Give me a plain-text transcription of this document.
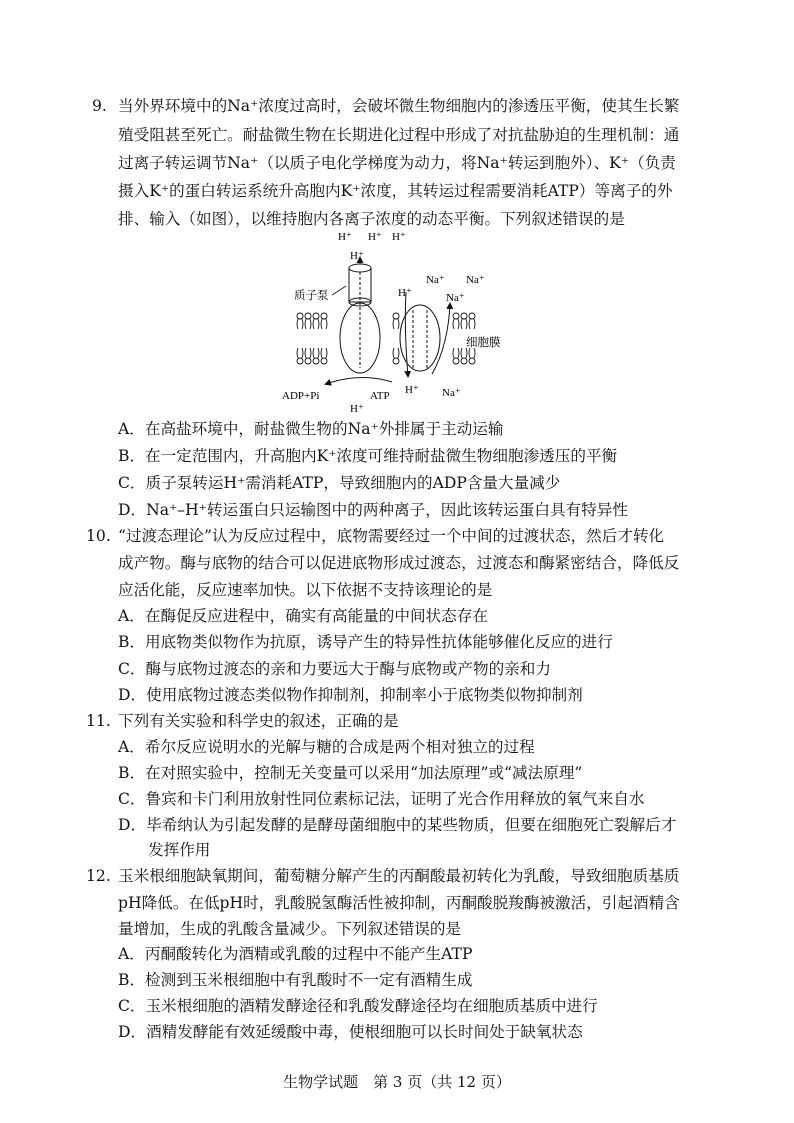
9. 当外界环境中的Na⁺浓度过高时，会破坏微生物细胞内的渗透压平衡，使其生长繁
殖受阻甚至死亡。耐盐微生物在长期进化过程中形成了对抗盐胁迫的生理机制：通
过离子转运调节Na⁺（以质子电化学梯度为动力，将Na⁺转运到胞外）、K⁺（负责
摄入K⁺的蛋白转运系统升高胞内K⁺浓度，其转运过程需要消耗ATP）等离子的外
排、输入（如图），以维持胞内各离子浓度的动态平衡。下列叙述错误的是
H⁺ H⁺ H⁺
H⁺
质子泵
Na⁺ Na⁺
Na⁺
H⁺
细胞膜
ADP+Pi	ATP
H⁺
H⁺ Na⁺
A．在高盐环境中，耐盐微生物的Na⁺外排属于主动运输
B．在一定范围内，升高胞内K⁺浓度可维持耐盐微生物细胞渗透压的平衡
C．质子泵转运H⁺需消耗ATP，导致细胞内的ADP含量大量减少
D．Na⁺–H⁺转运蛋白只运输图中的两种离子，因此该转运蛋白具有特异性
10. “过渡态理论”认为反应过程中，底物需要经过一个中间的过渡状态，然后才转化
成产物。酶与底物的结合可以促进底物形成过渡态，过渡态和酶紧密结合，降低反
应活化能，反应速率加快。以下依据不支持该理论的是
A．在酶促反应进程中，确实有高能量的中间状态存在
B．用底物类似物作为抗原，诱导产生的特异性抗体能够催化反应的进行
C．酶与底物过渡态的亲和力要远大于酶与底物或产物的亲和力
D．使用底物过渡态类似物作抑制剂，抑制率小于底物类似物抑制剂
11. 下列有关实验和科学史的叙述，正确的是
A．希尔反应说明水的光解与糖的合成是两个相对独立的过程
B．在对照实验中，控制无关变量可以采用“加法原理”或“减法原理”
C．鲁宾和卡门利用放射性同位素标记法，证明了光合作用释放的氧气来自水
D．毕希纳认为引起发酵的是酵母菌细胞中的某些物质，但要在细胞死亡裂解后才
发挥作用
12. 玉米根细胞缺氧期间，葡萄糖分解产生的丙酮酸最初转化为乳酸，导致细胞质基质
pH降低。在低pH时，乳酸脱氢酶活性被抑制，丙酮酸脱羧酶被激活，引起酒精含
量增加，生成的乳酸含量减少。下列叙述错误的是
A．丙酮酸转化为酒精或乳酸的过程中不能产生ATP
B．检测到玉米根细胞中有乳酸时不一定有酒精生成
C．玉米根细胞的酒精发酵途径和乳酸发酵途径均在细胞质基质中进行
D．酒精发酵能有效延缓酸中毒，使根细胞可以长时间处于缺氧状态
生物学试题　第 3 页（共 12 页）
